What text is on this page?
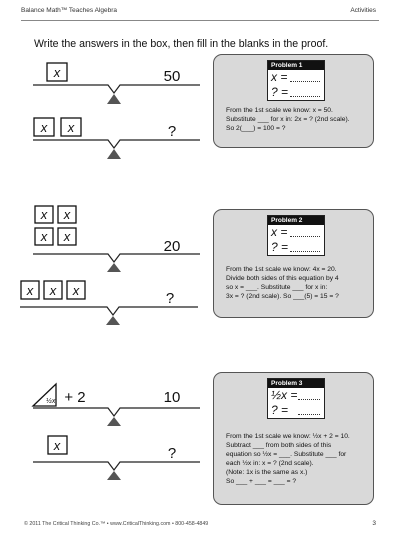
Balance Math™ Teaches Algebra	Activities
Write the answers in the box, then fill in the blanks in the proof.
x	50
x x	?
Problem 1
x =
? =

From the 1st scale we know: x = 50.

Substitute ___ for x in: 2x = ? (2nd scale).

So 2(___) = 100 = ?

x x
x x
20
x x x	?
Problem 2
x =
? =

From the 1st scale we know: 4x = 20.

Divide both sides of this equation by 4

so x = ___. Substitute ___ for x in:

3x = ? (2nd scale). So ___(5) = 15 = ?

½x + 2	10
x	?
Problem 3
½x =
? =

From the 1st scale we know: ½x + 2 = 10.

Subtract ___ from both sides of this

equation so ½x = ___. Substitute ___ for

each ½x in: x = ? (2nd scale).

(Note: 1x is the same as x.)

So ___ + ___ = ___ = ?

© 2011 The Critical Thinking Co.™ • www.CriticalThinking.com • 800-458-4849	3
